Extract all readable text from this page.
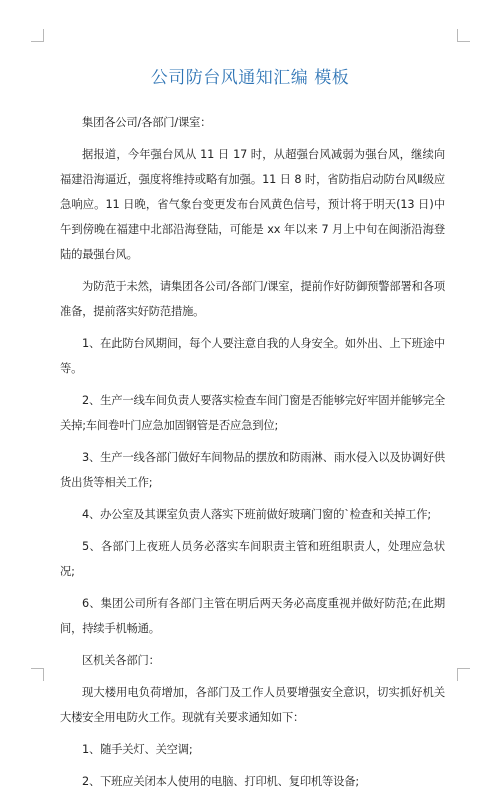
公司防台风通知汇编 模板

集团各公司/各部门/课室：

据报道，今年强台风从 11 日 17 时，从超强台风减弱为强台风，继续向福建沿海逼近，强度将维持或略有加强。11 日 8 时，省防指启动防台风Ⅱ级应急响应。11 日晚，省气象台变更发布台风黄色信号，预计将于明天(13 日)中午到傍晚在福建中北部沿海登陆，可能是 xx 年以来 7 月上中旬在闽浙沿海登陆的最强台风。

为防范于未然，请集团各公司/各部门/课室，提前作好防御预警部署和各项准备，提前落实好防范措施。

1、在此防台风期间，每个人要注意自我的人身安全。如外出、上下班途中等。

2、生产一线车间负责人要落实检查车间门窗是否能够完好牢固并能够完全关掉;车间卷叶门应急加固钢管是否应急到位;

3、生产一线各部门做好车间物品的摆放和防雨淋、雨水侵入以及协调好供货出货等相关工作;

4、办公室及其课室负责人落实下班前做好玻璃门窗的`检查和关掉工作;

5、各部门上夜班人员务必落实车间职责主管和班组职责人，处理应急状况;

6、集团公司所有各部门主管在明后两天务必高度重视并做好防范;在此期间，持续手机畅通。

区机关各部门：

现大楼用电负荷增加，各部门及工作人员要增强安全意识，切实抓好机关大楼安全用电防火工作。现就有关要求通知如下：

1、随手关灯、关空调;

2、下班应关闭本人使用的电脑、打印机、复印机等设备;
